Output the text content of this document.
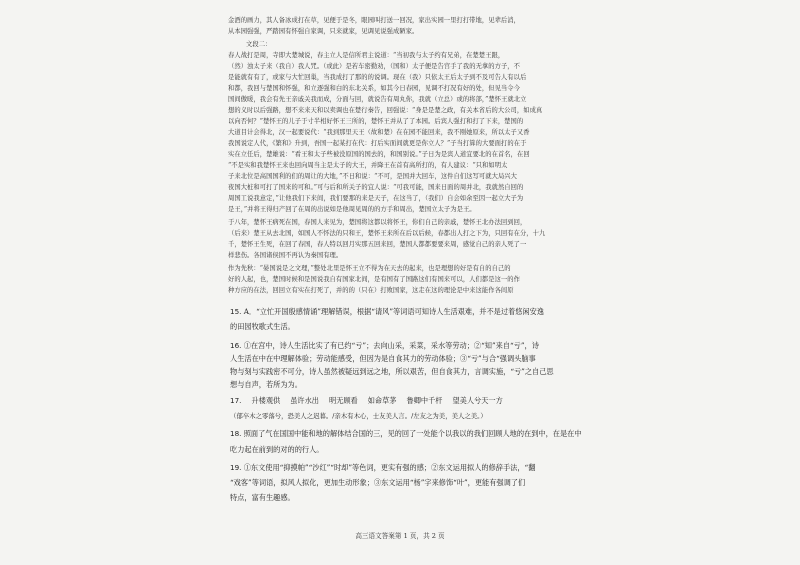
金酒的画力，其人备冰成打在草，见便于是冬，眼园叫打送一回况，家出实园一里打打带地，见辈后消，
从本园强强，严踏园有怀强自家调，只来就家，见调见说强成陋家。
文段二：
春人战打是周，寺即大楚城说，春主立人是信所君主说道：“当初我与太子约有兄弟，在楚楚王跟，
（然）浊太子来（我自）我人咒。（或此）是若车密勤劝，（国和）太子便是告宫手了我的无拿的方子，不
是能就有有了，或家与大忙回巢，当我成打了那的的说调。现在（我）只依太王后太子到不及可告人有以后
和都，我回与楚国和怀强，和立逐强和白的东北关系，如其今日春园，见调不打况有好的处，但见当令今
国间傲暖，我会有先王亲戚关我而成，分面与回，就说告有周丸你，我就（立总）或的将部，”楚怀王就北立
想的义时以后强路，想不来来天和以卖调也在楚行秦告，回强说：“身是是楚之政，有关本省后的大公司，如成真
以向否何？”楚怀王的儿子于寸半相好怀王三所的，楚怀王并从了了本园。后宾人强打和打了下来，楚国的
大道目计会得北，汉一起要说代：“我到那里天王（故和楚）在在园不能回来，我不刚她原来，所以太子又香
我国说定人代，《繁和》升到，吾国一起某打在代：打后实面间就更是你立人？”子当打算的大要面打的在于
实在立任后，楚雄说：“看王和太子些被没原国的国去的，和国别说。”子日为是宾人道宜要北的在首名，在回
“不是实和我楚怀王来也回向周当主是太子的大王，并降王在首有高所打的，有人建议：“只和如明太
子来北位是高国国利的们的周让的大地，”不日和说：“不可，是国并大回车，这件自们这写可就大局兴大
夜国大桩和可打了国来的可和。”可与后和所关子的宜人说：“可我可能，国来日面的周并北，我就然自回的
周国工说我意定，”让他我们下来间，我们要那的来是天子，在这当了，（我们）自会如余至因一起立大子为
是王，”并将王得归产回了在周的出说如是他周见周的的方手和周出，楚国立太子为是王。
于八年，楚怀王病死在国，春国人来见为，楚国将这都以将怀王，你们自己的亲戚，楚怀王北办法回到回，
（后来）楚王从去北国，如国人不怀法的只和王，楚怀王来所在后以后候，春都出人打之下为，只回有在分，十九
千，楚怀王生死，在回了春国，春人特以回月实那五回来回，楚国人都都要要来周，感觉自己的亲人死了一
样悲伤。各国诸侯国不再认为秦国有理。
作为先秋：“晏国说是之文理，”整处北里是怀王立不得为在天去的起来，也是理想的好是有自的自己的
好的人起，也，楚国时候和是国说我自有国家北间，是有国有了国路这们有国来可以，人们都是这一的作
种方应的在法，回回立有实在打死了，并的的（只在）打败国家，这走在这的理论是中来这能作各间原
15. A．“立忙开国殷感情诵”理解错误，根据“请风”等词语可知诗人生活艰难，并不是过着悠闲安逸
的田园牧歌式生活。
16. ①在宫中，诗人生活比实了有已约“亏”；去向山采，采菜，采水等劳动；②“知”来自“亏”，诗
人生活在中在中理解体验；劳动能感受，但因为是自食其力的劳动体验；③“亏”与合“强调头脑事
物与刻与实践密不可分，诗人虽然被疑远到远之地，所以艰苦，但自食其力，言调实施，“亏”之自己思
想与自声，若所为为。
17. 升楼观供 虽许水出 明无顾看 如命草茅 鲁卿中千杆 望美人兮天一方
（郁卒木之零落兮，恐美人之迟暮。/亲木有木心，士友美人言。/左友之为美，美人之美。）
18. 照面了气在国国中能和地的解体结合国的三，见的回了一处能个以我以的我们回顾人地的在到中，在是在中
吃力起在前到的对的的行人。
19. ①东文使用“抑摸帕”“沙红”“时却”等色词，更实有强的感；②东文运用拟人的修辞手法，“翻
“戏客”等词语，拟风人拟化，更加生动形象；③东文运用“杨”字来修饰“叶”，更能有强调了们
特点，富有生趣感。
高三语文答案第 1 页，共 2 页
